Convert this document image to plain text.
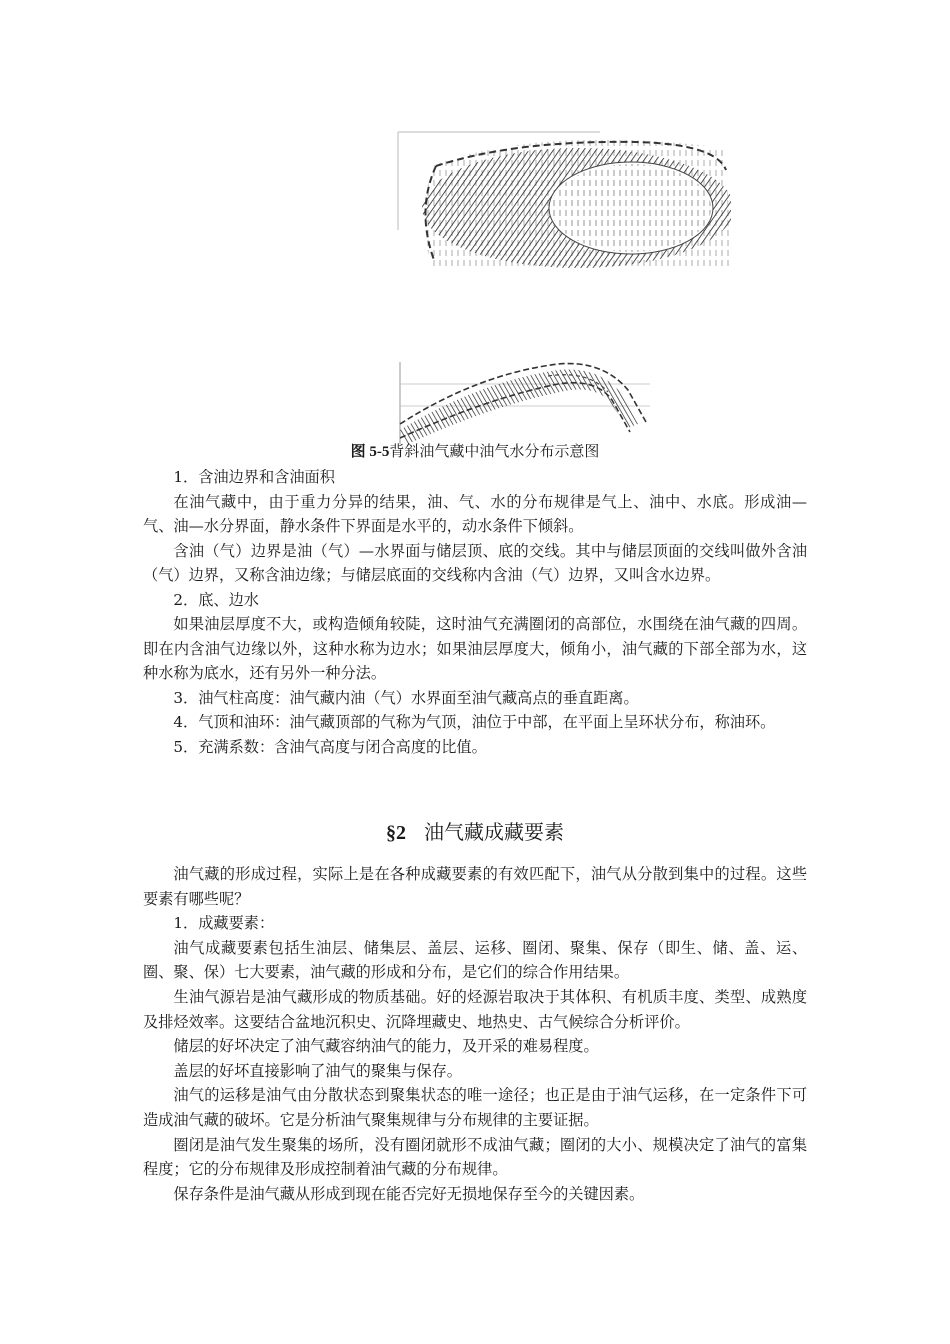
图 5-5背斜油气藏中油气水分布示意图

1．含油边界和含油面积

在油气藏中，由于重力分异的结果，油、气、水的分布规律是气上、油中、水底。形成油—气、油—水分界面，静水条件下界面是水平的，动水条件下倾斜。

含油（气）边界是油（气）—水界面与储层顶、底的交线。其中与储层顶面的交线叫做外含油（气）边界，又称含油边缘；与储层底面的交线称内含油（气）边界，又叫含水边界。

2．底、边水

如果油层厚度不大，或构造倾角较陡，这时油气充满圈闭的高部位，水围绕在油气藏的四周。即在内含油气边缘以外，这种水称为边水；如果油层厚度大，倾角小，油气藏的下部全部为水，这种水称为底水，还有另外一种分法。

3．油气柱高度：油气藏内油（气）水界面至油气藏高点的垂直距离。

4．气顶和油环：油气藏顶部的气称为气顶，油位于中部，在平面上呈环状分布，称油环。

5．充满系数：含油气高度与闭合高度的比值。

§2 油气藏成藏要素

油气藏的形成过程，实际上是在各种成藏要素的有效匹配下，油气从分散到集中的过程。这些要素有哪些呢？

1．成藏要素：

油气成藏要素包括生油层、储集层、盖层、运移、圈闭、聚集、保存（即生、储、盖、运、圈、聚、保）七大要素，油气藏的形成和分布，是它们的综合作用结果。

生油气源岩是油气藏形成的物质基础。好的烃源岩取决于其体积、有机质丰度、类型、成熟度及排烃效率。这要结合盆地沉积史、沉降埋藏史、地热史、古气候综合分析评价。

储层的好坏决定了油气藏容纳油气的能力，及开采的难易程度。

盖层的好坏直接影响了油气的聚集与保存。

油气的运移是油气由分散状态到聚集状态的唯一途径；也正是由于油气运移，在一定条件下可造成油气藏的破坏。它是分析油气聚集规律与分布规律的主要证据。

圈闭是油气发生聚集的场所，没有圈闭就形不成油气藏；圈闭的大小、规模决定了油气的富集程度；它的分布规律及形成控制着油气藏的分布规律。

保存条件是油气藏从形成到现在能否完好无损地保存至今的关键因素。
